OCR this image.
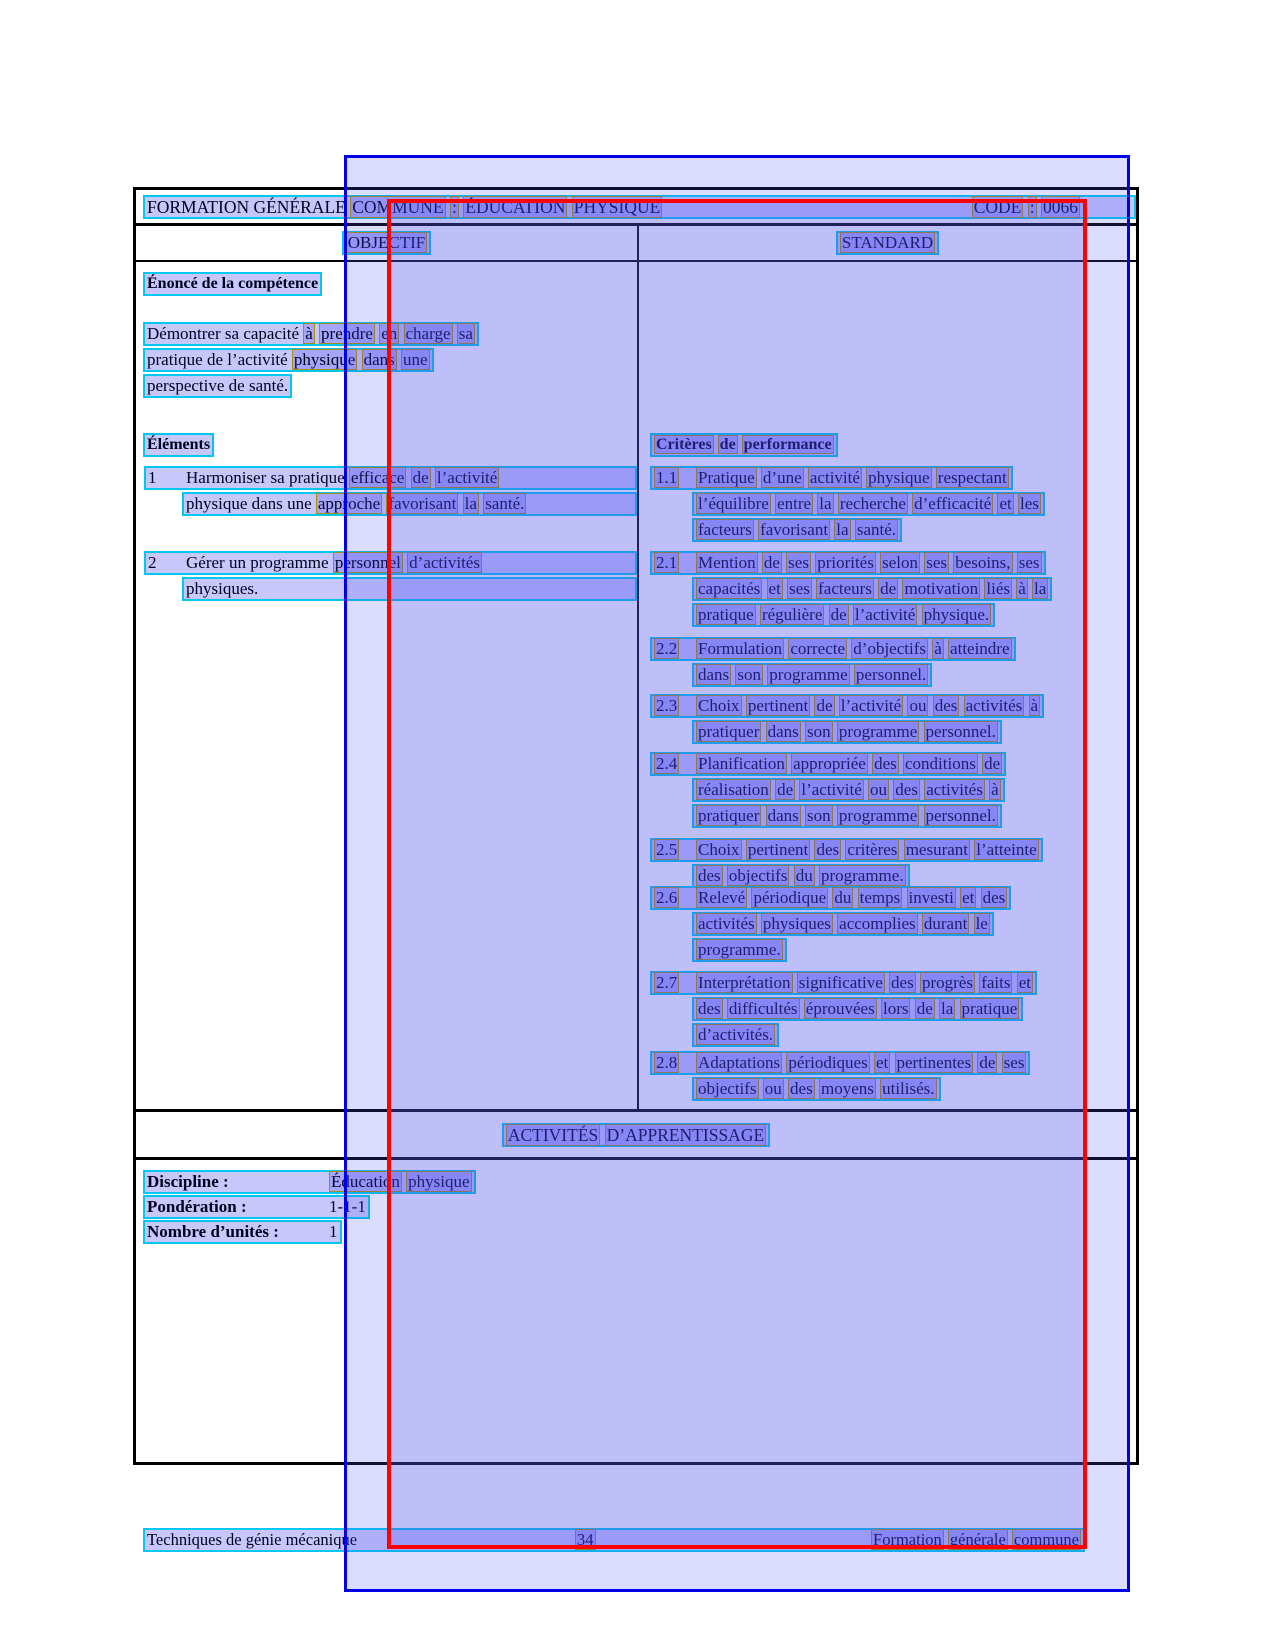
FORMATION GÉNÉRALE COMMUNE : ÉDUCATION PHYSIQUE	CODE : 0066
OBJECTIF	STANDARD
Énoncé de la compétence
Démontrer sa capacité à prendre en charge sa
pratique de l’activité physique dans une
perspective de santé.
Éléments
1	Harmoniser sa pratique efficace de l’activité
physique dans une approche favorisant la santé.
2	Gérer un programme personnel d’activités
physiques.
Critères de performance
1.1	Pratique d’une activité physique respectant
l’équilibre entre la recherche d’efficacité et les
facteurs favorisant la santé.
2.1	Mention de ses priorités selon ses besoins, ses
capacités et ses facteurs de motivation liés à la
pratique régulière de l’activité physique.
2.2	Formulation correcte d’objectifs à atteindre
dans son programme personnel.
2.3	Choix pertinent de l’activité ou des activités à
pratiquer dans son programme personnel.
2.4	Planification appropriée des conditions de
réalisation de l’activité ou des activités à
pratiquer dans son programme personnel.
2.5	Choix pertinent des critères mesurant l’atteinte
des objectifs du programme.
2.6	Relevé périodique du temps investi et des
activités physiques accomplies durant le
programme.
2.7	Interprétation significative des progrès faits et
des difficultés éprouvées lors de la pratique
d’activités.
2.8	Adaptations périodiques et pertinentes de ses
objectifs ou des moyens utilisés.
ACTIVITÉS D’APPRENTISSAGE
Discipline :	Éducation physique
Pondération :	1-1-1
Nombre d’unités :	1

Techniques de génie mécanique

	34

	Formation générale commune
